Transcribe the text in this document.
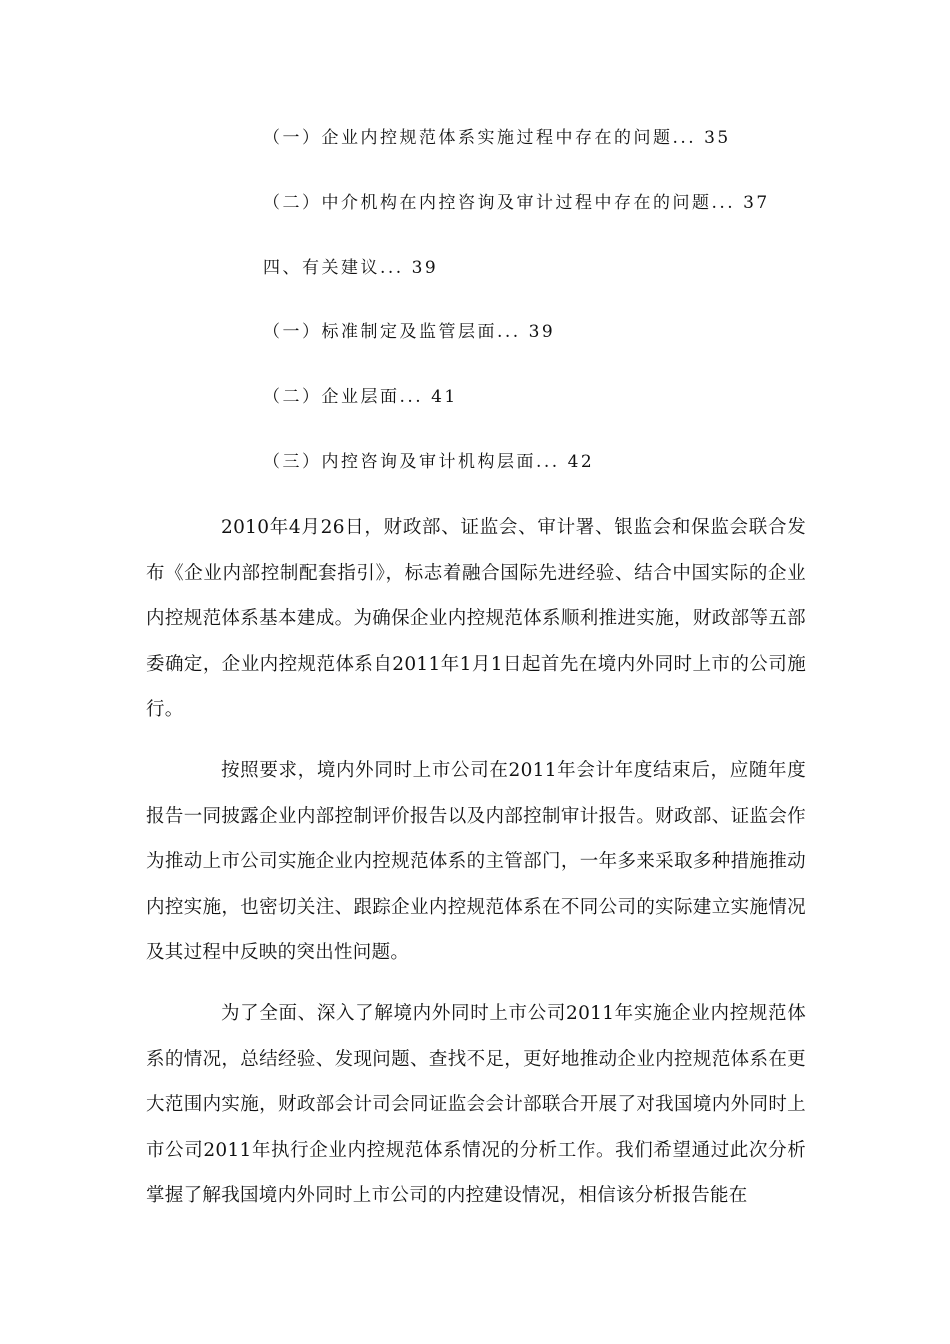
（一）企业内控规范体系实施过程中存在的问题... 35
（二）中介机构在内控咨询及审计过程中存在的问题... 37
四、有关建议... 39
（一）标准制定及监管层面... 39
（二）企业层面... 41
（三）内控咨询及审计机构层面... 42

2010年4月26日，财政部、证监会、审计署、银监会和保监会联合发布《企业内部控制配套指引》，标志着融合国际先进经验、结合中国实际的企业内控规范体系基本建成。为确保企业内控规范体系顺利推进实施，财政部等五部委确定，企业内控规范体系自2011年1月1日起首先在境内外同时上市的公司施行。

按照要求，境内外同时上市公司在2011年会计年度结束后，应随年度报告一同披露企业内部控制评价报告以及内部控制审计报告。财政部、证监会作为推动上市公司实施企业内控规范体系的主管部门，一年多来采取多种措施推动内控实施，也密切关注、跟踪企业内控规范体系在不同公司的实际建立实施情况及其过程中反映的突出性问题。

为了全面、深入了解境内外同时上市公司2011年实施企业内控规范体系的情况，总结经验、发现问题、查找不足，更好地推动企业内控规范体系在更大范围内实施，财政部会计司会同证监会会计部联合开展了对我国境内外同时上市公司2011年执行企业内控规范体系情况的分析工作。我们希望通过此次分析掌握了解我国境内外同时上市公司的内控建设情况，相信该分析报告能在
